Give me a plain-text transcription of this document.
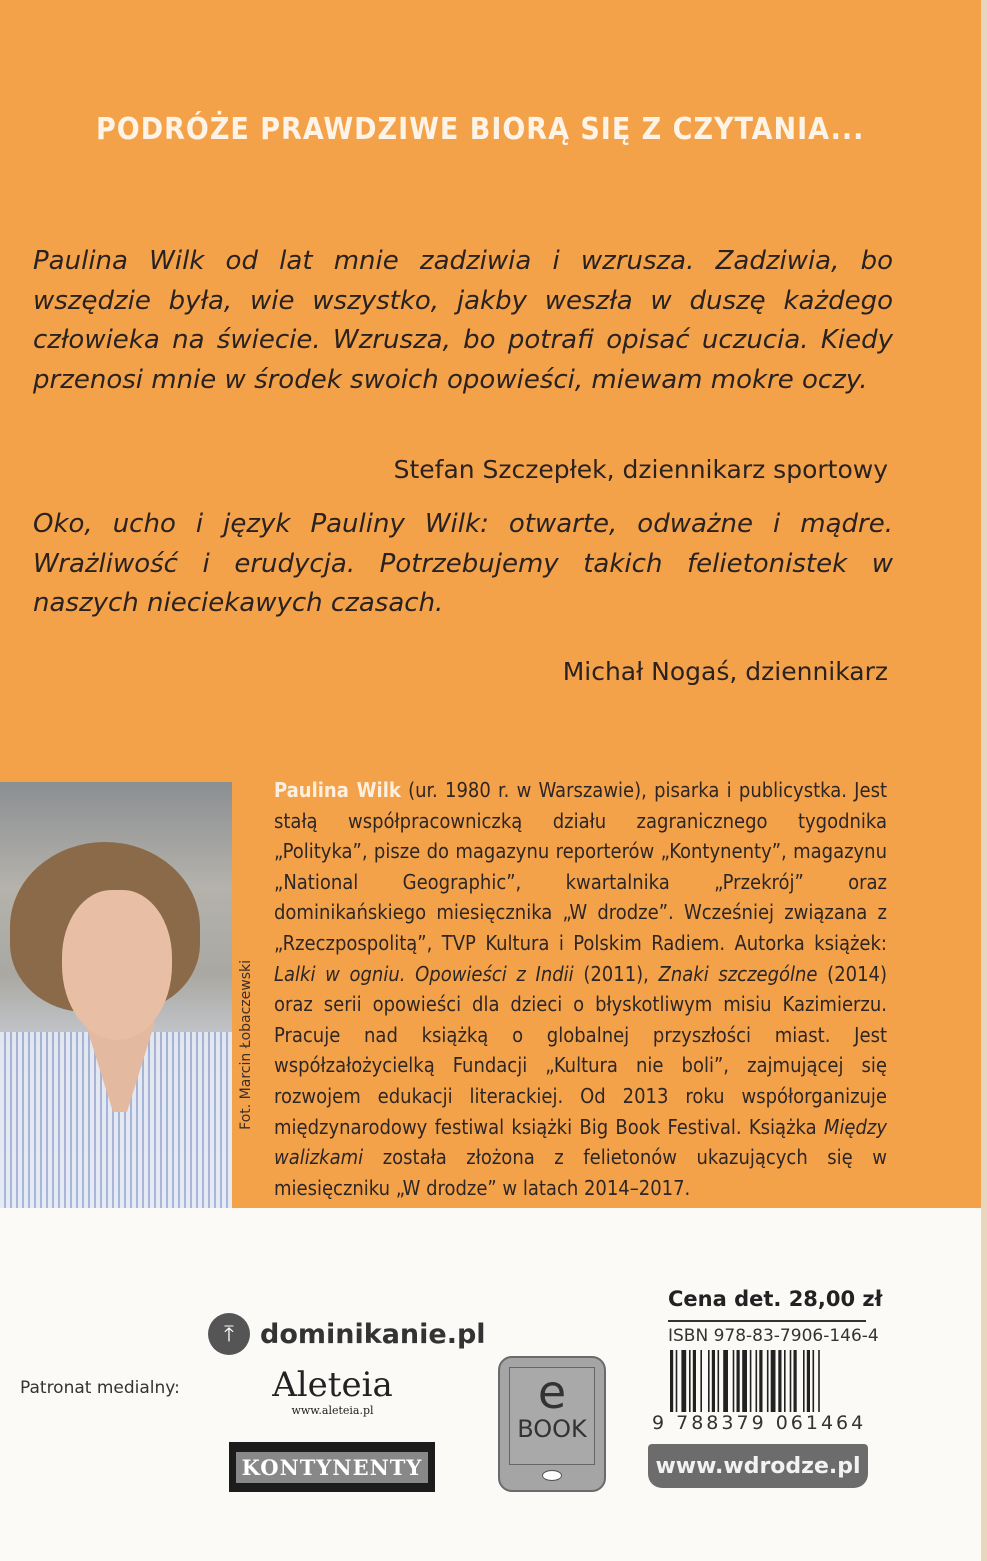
PODRÓŻE PRAWDZIWE BIORĄ SIĘ Z CZYTANIA...
Paulina Wilk od lat mnie zadziwia i wzrusza. Zadziwia, bo wszędzie była, wie wszystko, jakby weszła w duszę każdego człowieka na świecie. Wzrusza, bo potrafi opisać uczucia. Kiedy przenosi mnie w środek swoich opowieści, miewam mokre oczy.
Stefan Szczepłek, dziennikarz sportowy
Oko, ucho i język Pauliny Wilk: otwarte, odważne i mądre. Wrażliwość i erudycja. Potrzebujemy takich felietonistek w naszych nieciekawych czasach.
Michał Nogaś, dziennikarz
Fot. Marcin Łobaczewski
Paulina Wilk (ur. 1980 r. w Warszawie), pisarka i publicystka. Jest stałą współpracowniczką działu zagranicznego tygodnika „Polityka”, pisze do magazynu reporterów „Kontynenty”, magazynu „National Geographic”, kwartalnika „Przekrój” oraz dominikańskiego miesięcznika „W drodze”. Wcześniej związana z „Rzeczpospolitą”, TVP Kultura i Polskim Radiem. Autorka książek: Lalki w ogniu. Opowieści z Indii (2011), Znaki szczególne (2014) oraz serii opowieści dla dzieci o błyskotliwym misiu Kazimierzu. Pracuje nad książką o globalnej przyszłości miast. Jest współzałożycielką Fundacji „Kultura nie boli”, zajmującej się rozwojem edukacji literackiej. Od 2013 roku współorganizuje międzynarodowy festiwal książki Big Book Festival. Książka Między walizkami została złożona z felietonów ukazujących się w miesięczniku „W drodze” w latach 2014–2017.
⤒ dominikanie.pl
Patronat medialny:	Aleteia
www.aleteia.pl
KONTYNENTY
e
BOOK
Cena det. 28,00 zł
ISBN 978-83-7906-146-4
9 788379 061464
www.wdrodze.pl
